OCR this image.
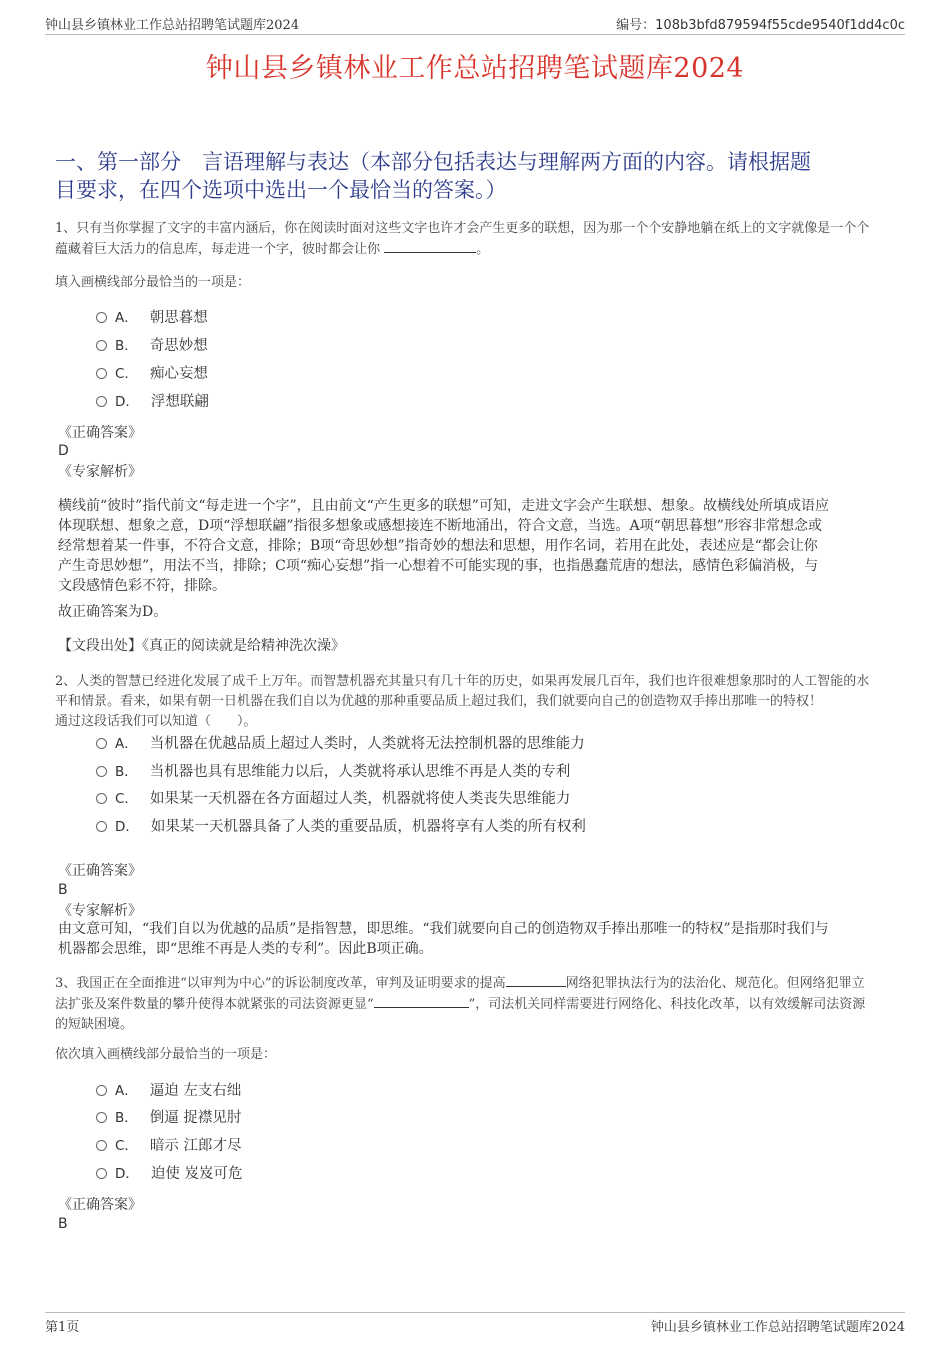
钟山县乡镇林业工作总站招聘笔试题库2024	编号：108b3bfd879594f55cde9540f1dd4c0c
钟山县乡镇林业工作总站招聘笔试题库2024
一、第一部分　言语理解与表达（本部分包括表达与理解两方面的内容。请根据题
目要求，在四个选项中选出一个最恰当的答案。）
1、只有当你掌握了文字的丰富内涵后，你在阅读时面对这些文字也许才会产生更多的联想，因为那一个个安静地躺在纸上的文字就像是一个个
蕴藏着巨大活力的信息库，每走进一个字，彼时都会让你	。
填入画横线部分最恰当的一项是：
A． 朝思暮想
B． 奇思妙想
C． 痴心妄想
D． 浮想联翩
《正确答案》
D
《专家解析》
横线前“彼时”指代前文“每走进一个字”，且由前文“产生更多的联想”可知，走进文字会产生联想、想象。故横线处所填成语应
体现联想、想象之意，D项“浮想联翩”指很多想象或感想接连不断地涌出，符合文意，当选。A项“朝思暮想”形容非常想念或
经常想着某一件事，不符合文意，排除；B项“奇思妙想”指奇妙的想法和思想，用作名词，若用在此处，表述应是“都会让你
产生奇思妙想”，用法不当，排除；C项“痴心妄想”指一心想着不可能实现的事，也指愚蠢荒唐的想法，感情色彩偏消极，与
文段感情色彩不符，排除。
故正确答案为D。
【文段出处】《真正的阅读就是给精神洗次澡》
2、人类的智慧已经进化发展了成千上万年。而智慧机器充其量只有几十年的历史，如果再发展几百年，我们也许很难想象那时的人工智能的水
平和情景。看来，如果有朝一日机器在我们自以为优越的那种重要品质上超过我们，我们就要向自己的创造物双手捧出那唯一的特权！
通过这段话我们可以知道（　　）。
A． 当机器在优越品质上超过人类时，人类就将无法控制机器的思维能力
B． 当机器也具有思维能力以后，人类就将承认思维不再是人类的专利
C． 如果某一天机器在各方面超过人类，机器就将使人类丧失思维能力
D． 如果某一天机器具备了人类的重要品质，机器将享有人类的所有权利
《正确答案》
B
《专家解析》
由文意可知，“我们自以为优越的品质”是指智慧，即思维。“我们就要向自己的创造物双手捧出那唯一的特权”是指那时我们与
机器都会思维，即“思维不再是人类的专利”。因此B项正确。
3、我国正在全面推进“以审判为中心”的诉讼制度改革，审判及证明要求的提高	网络犯罪执法行为的法治化、规范化。但网络犯罪立
法扩张及案件数量的攀升使得本就紧张的司法资源更显“	”，司法机关同样需要进行网络化、科技化改革，以有效缓解司法资源
的短缺困境。
依次填入画横线部分最恰当的一项是：
A． 逼迫 左支右绌
B． 倒逼 捉襟见肘
C． 暗示 江郎才尽
D． 迫使 岌岌可危
《正确答案》
B
第1页	钟山县乡镇林业工作总站招聘笔试题库2024
